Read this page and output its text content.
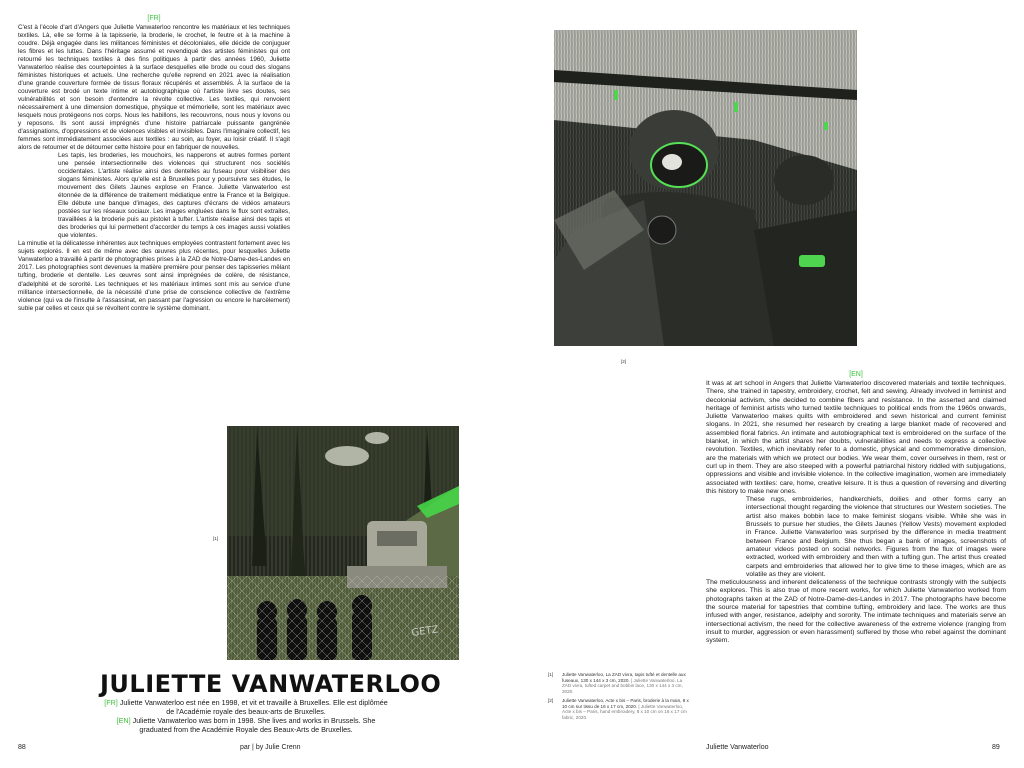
[FR]

C'est à l'école d'art d'Angers que Juliette Vanwaterloo rencontre les matériaux et les techniques textiles. Là, elle se forme à la tapisserie, la broderie, le crochet, le feutre et à la machine à coudre. Déjà engagée dans les militances féministes et décoloniales, elle décide de conjuguer les fibres et les luttes. Dans l'héritage assumé et revendiqué des artistes féministes qui ont retourné les techniques textiles à des fins politiques à partir des années 1960, Juliette Vanwaterloo réalise des courtepointes à la surface desquelles elle brode ou coud des slogans féministes historiques et actuels. Une recherche qu'elle reprend en 2021 avec la réalisation d'une grande couverture formée de tissus floraux récupérés et assemblés. À la surface de la couverture est brodé un texte intime et autobiographique où l'artiste livre ses doutes, ses vulnérabilités et son besoin d'entendre la révolte collective. Les textiles, qui renvoient nécessairement à une dimension domestique, physique et mémorielle, sont les matériaux avec lesquels nous protégeons nos corps. Nous les habillons, les recouvrons, nous nous y lovons ou y reposons. Ils sont aussi imprégnés d'une histoire patriarcale puissante gangrénée d'assignations, d'oppressions et de violences visibles et invisibles. Dans l'imaginaire collectif, les femmes sont immédiatement associées aux textiles : au soin, au foyer, au loisir créatif. Il s'agit alors de retourner et de détourner cette histoire pour en fabriquer de nouvelles.

Les tapis, les broderies, les mouchoirs, les napperons et autres formes portent une pensée intersectionnelle des violences qui structurent nos sociétés occidentales. L'artiste réalise ainsi des dentelles au fuseau pour visibiliser des slogans féministes. Alors qu'elle est à Bruxelles pour y poursuivre ses études, le mouvement des Gilets Jaunes explose en France. Juliette Vanwaterloo est étonnée de la différence de traitement médiatique entre la France et la Belgique. Elle débute une banque d'images, des captures d'écrans de vidéos amateurs postées sur les réseaux sociaux. Les images engluées dans le flux sont extraites, travaillées à la broderie puis au pistolet à tufter. L'artiste réalise ainsi des tapis et des broderies qui lui permettent d'accorder du temps à ces images aussi volatiles que violentes.

La minutie et la délicatesse inhérentes aux techniques employées contrastent fortement avec les sujets explorés. Il en est de même avec des œuvres plus récentes, pour lesquelles Juliette Vanwaterloo a travaillé à partir de photographies prises à la ZAD de Notre-Dame-des-Landes en 2017. Les photographies sont devenues la matière première pour penser des tapisseries mêlant tufting, broderie et dentelle. Les œuvres sont ainsi imprégnées de colère, de résistance, d'adelphité et de sororité. Les techniques et les matériaux intimes sont mis au service d'une militance intersectionnelle, de la nécessité d'une prise de conscience collective de l'extrême violence (qui va de l'insulte à l'assassinat, en passant par l'agression ou encore le harcèlement) subie par celles et ceux qui se révoltent contre le système dominant.

[1]
GETZ
[2]
[EN]

It was at art school in Angers that Juliette Vanwaterloo discovered materials and textile techniques. There, she trained in tapestry, embroidery, crochet, felt and sewing. Already involved in feminist and decolonial activism, she decided to combine fibers and resistance. In the asserted and claimed heritage of feminist artists who turned textile techniques to political ends from the 1960s onwards, Juliette Vanwaterloo makes quilts with embroidered and sewn historical and current feminist slogans. In 2021, she resumed her research by creating a large blanket made of recovered and assembled floral fabrics. An intimate and autobiographical text is embroidered on the surface of the blanket, in which the artist shares her doubts, vulnerabilities and needs to express a collective revolution. Textiles, which inevitably refer to a domestic, physical and commemorative dimension, are the materials with which we protect our bodies. We wear them, cover ourselves in them, rest or curl up in them. They are also steeped with a powerful patriarchal history riddled with subjugations, oppressions and visible and invisible violence. In the collective imagination, women are immediately associated with textiles: care, home, creative leisure. It is thus a question of reversing and diverting this history to make new ones.

These rugs, embroideries, handkerchiefs, doilies and other forms carry an intersectional thought regarding the violence that structures our Western societies. The artist also makes bobbin lace to make feminist slogans visible. While she was in Brussels to pursue her studies, the Gilets Jaunes (Yellow Vests) movement exploded in France. Juliette Vanwaterloo was surprised by the difference in media treatment between France and Belgium. She thus began a bank of images, screenshots of amateur videos posted on social networks. Figures from the flux of images were extracted, worked with embroidery and then with a tufting gun. The artist thus created carpets and embroideries that allowed her to give time to these images, which are as volatile as they are violent.

The meticulousness and inherent delicateness of the technique contrasts strongly with the subjects she explores. This is also true of more recent works, for which Juliette Vanwaterloo worked from photographs taken at the ZAD of Notre-Dame-des-Landes in 2017. The photographs have become the source material for tapestries that combine tufting, embroidery and lace. The works are thus infused with anger, resistance, adelphy and sorority. The intimate techniques and materials serve an intersectional activism, the need for the collective awareness of the extreme violence (ranging from insult to murder, aggression or even harassment) suffered by those who rebel against the dominant system.

JULIETTE VANWATERLOO
[FR] Juliette Vanwaterloo est née en 1998, et vit et travaille à Bruxelles. Elle est diplômée de l'Académie royale des beaux-arts de Bruxelles.
[EN] Juliette Vanwaterloo was born in 1998. She lives and works in Brussels. She graduated from the Académie Royale des Beaux-Arts de Bruxelles.
[1] Juliette Vanwaterloo, La ZAD vivra, tapis tufté et dentelle aux fuseaux, 130 x 144 x 3 cm, 2020. | Juliette Vanwaterloo, La ZAD vivra, tufted carpet and bobbin lace, 130 x 144 x 3 cm, 2020.
[2] Juliette Vanwaterloo, Acte x bis – Paris, broderie à la main, 8 x 10 cm sur tissu de 16 x 17 cm, 2020. | Juliette Vanwaterloo, Acte x bis – Paris, hand embroidery, 8 x 10 cm on 16 x 17 cm fabric, 2020.
88	par | by Julie Crenn	Juliette Vanwaterloo	89
